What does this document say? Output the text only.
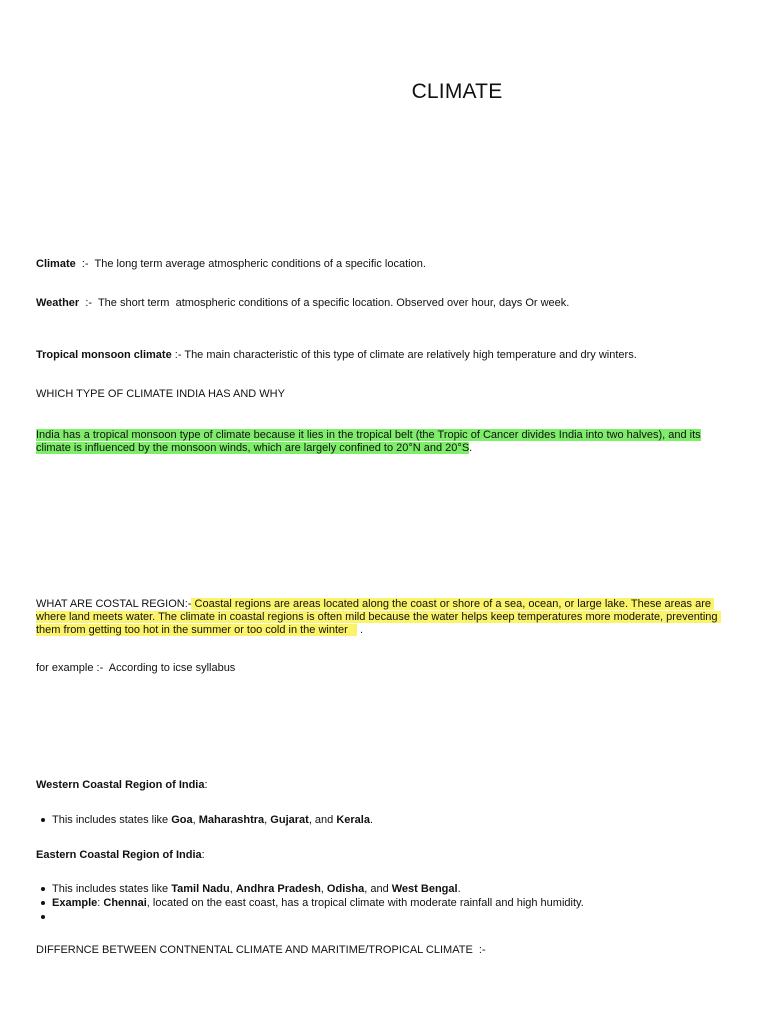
CLIMATE
Climate  :-  The long term average atmospheric conditions of a specific location.
Weather  :-  The short term  atmospheric conditions of a specific location. Observed over hour, days Or week.
Tropical monsoon climate :- The main characteristic of this type of climate are relatively high temperature and dry winters.
WHICH TYPE OF CLIMATE INDIA HAS AND WHY
India has a tropical monsoon type of climate because it lies in the tropical belt (the Tropic of Cancer divides India into two halves), and its climate is influenced by the monsoon winds, which are largely confined to 20°N and 20°S.
WHAT ARE COSTAL REGION:- Coastal regions are areas located along the coast or shore of a sea, ocean, or large lake. These areas are where land meets water. The climate in coastal regions is often mild because the water helps keep temperatures more moderate, preventing them from getting too hot in the summer or too cold in the winter    .
for example :-  According to icse syllabus
Western Coastal Region of India:
This includes states like Goa, Maharashtra, Gujarat, and Kerala.
Eastern Coastal Region of India:
This includes states like Tamil Nadu, Andhra Pradesh, Odisha, and West Bengal.
Example: Chennai, located on the east coast, has a tropical climate with moderate rainfall and high humidity.
DIFFERNCE BETWEEN CONTNENTAL CLIMATE AND MARITIME/TROPICAL CLIMATE  :-
